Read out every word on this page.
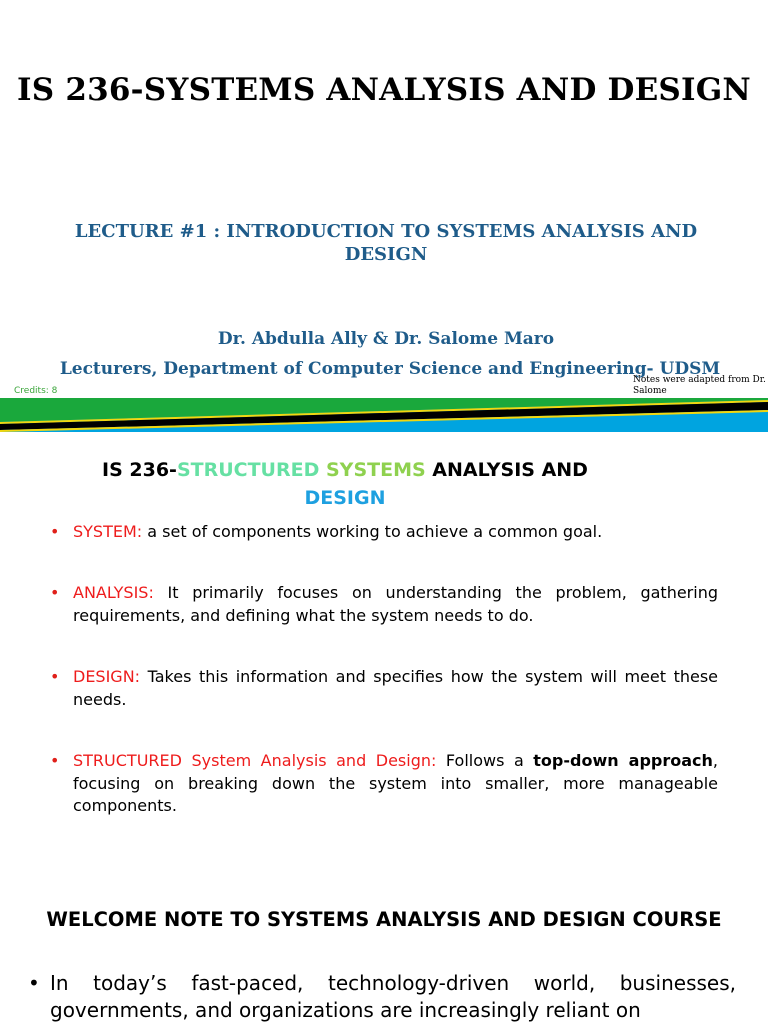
IS 236-SYSTEMS ANALYSIS AND DESIGN
LECTURE #1 : INTRODUCTION TO SYSTEMS ANALYSIS AND DESIGN
Dr. Abdulla Ally & Dr. Salome Maro
Lecturers, Department of Computer Science and Engineering- UDSM
Credits: 8
Notes were adapted from Dr. Salome
IS 236-STRUCTURED SYSTEMS ANALYSIS AND
DESIGN
• SYSTEM: a set of components working to achieve a common goal.
• ANALYSIS: It primarily focuses on understanding the problem, gathering requirements, and defining what the system needs to do.
• DESIGN: Takes this information and specifies how the system will meet these needs.
• STRUCTURED System Analysis and Design: Follows a top-down approach, focusing on breaking down the system into smaller, more manageable components.
WELCOME NOTE TO SYSTEMS ANALYSIS AND DESIGN COURSE
• In today’s fast-paced, technology-driven world, businesses, governments, and organizations are increasingly reliant on
